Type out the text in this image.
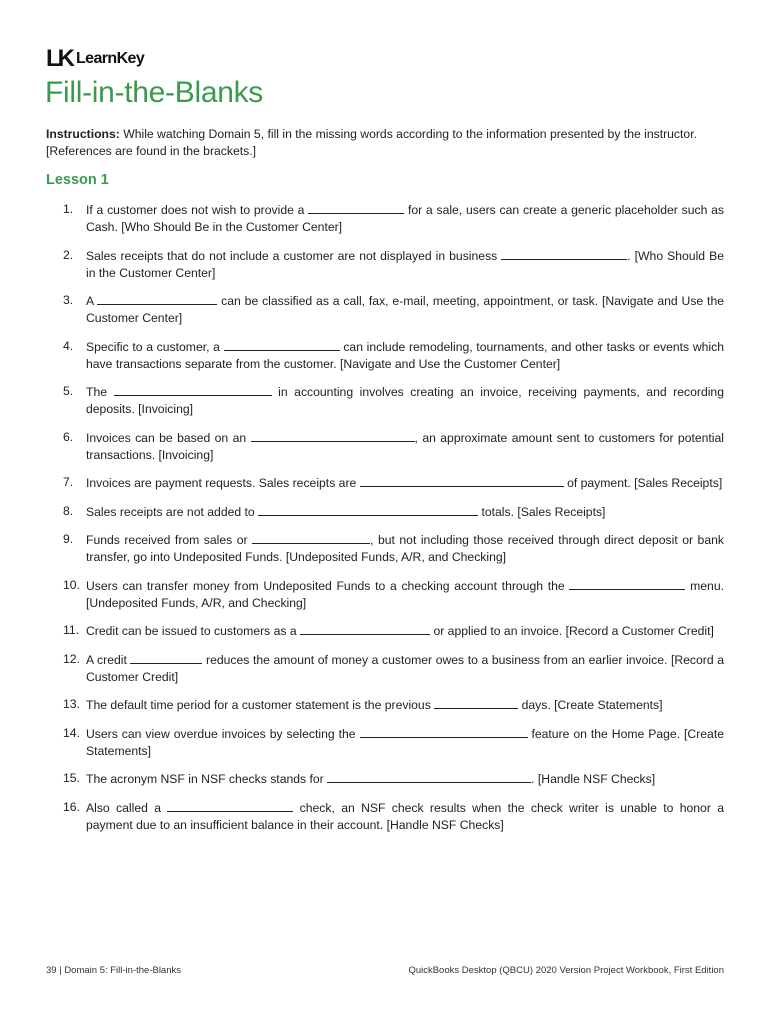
LK LearnKey
Fill-in-the-Blanks

Instructions: While watching Domain 5, fill in the missing words according to the information presented by the instructor. [References are found in the brackets.]

Lesson 1
1. If a customer does not wish to provide a	for a sale, users can create a generic placeholder such as Cash. [Who Should Be in the Customer Center]
2. Sales receipts that do not include a customer are not displayed in business	. [Who Should Be in the Customer Center]
3. A	can be classified as a call, fax, e-mail, meeting, appointment, or task. [Navigate and Use the Customer Center]
4. Specific to a customer, a	can include remodeling, tournaments, and other tasks or events which have transactions separate from the customer. [Navigate and Use the Customer Center]
5. The	in accounting involves creating an invoice, receiving payments, and recording deposits. [Invoicing]
6. Invoices can be based on an	, an approximate amount sent to customers for potential transactions. [Invoicing]
7. Invoices are payment requests. Sales receipts are	of payment. [Sales Receipts]
8. Sales receipts are not added to	totals. [Sales Receipts]
9. Funds received from sales or	, but not including those received through direct deposit or bank transfer, go into Undeposited Funds. [Undeposited Funds, A/R, and Checking]
10. Users can transfer money from Undeposited Funds to a checking account through the	menu. [Undeposited Funds, A/R, and Checking]
11. Credit can be issued to customers as a	or applied to an invoice. [Record a Customer Credit]
12. A credit	reduces the amount of money a customer owes to a business from an earlier invoice. [Record a Customer Credit]
13. The default time period for a customer statement is the previous	days. [Create Statements]
14. Users can view overdue invoices by selecting the	feature on the Home Page. [Create Statements]
15. The acronym NSF in NSF checks stands for	. [Handle NSF Checks]
16. Also called a	check, an NSF check results when the check writer is unable to honor a payment due to an insufficient balance in their account. [Handle NSF Checks]
39 | Domain 5: Fill-in-the-Blanks	QuickBooks Desktop (QBCU) 2020 Version Project Workbook, First Edition
